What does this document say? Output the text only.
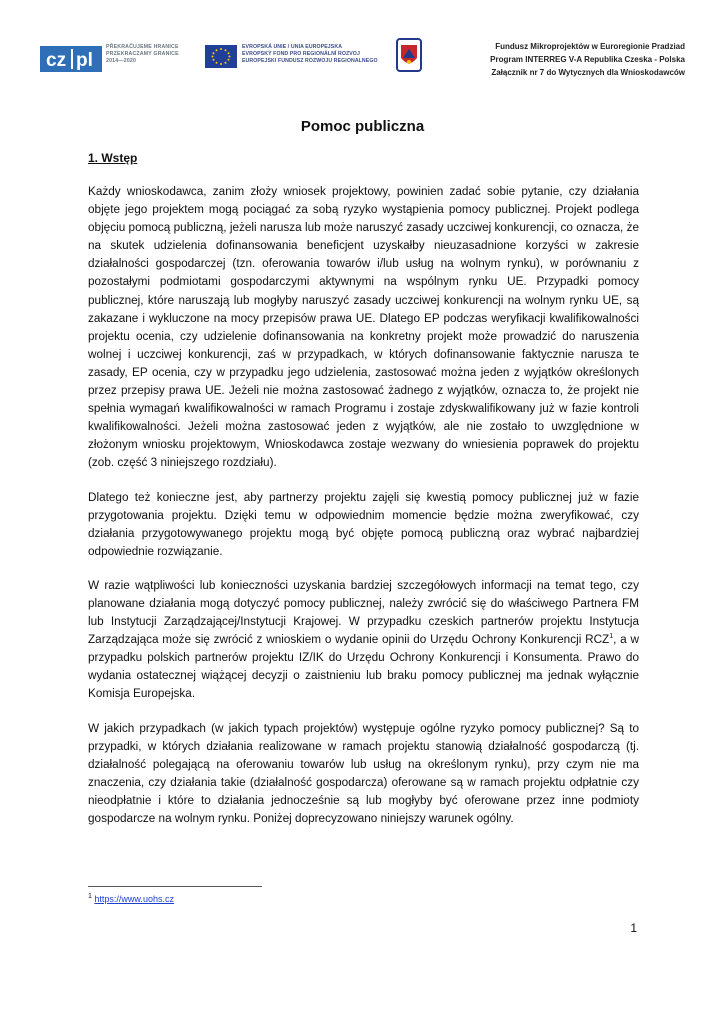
cz pl
PŘEKRAČUJEME HRANICE
PRZEKRACZAMY GRANICE
2014—2020
EVROPSKÁ UNIE / UNIA EUROPEJSKA
EVROPSKÝ FOND PRO REGIONÁLNÍ ROZVOJ
EUROPEJSKI FUNDUSZ ROZWOJU REGIONALNEGO
Fundusz Mikroprojektów w Euroregionie Pradziad
Program INTERREG V-A Republika Czeska - Polska
Załącznik nr 7 do Wytycznych dla Wnioskodawców
Pomoc publiczna
1. Wstęp

Każdy wnioskodawca, zanim złoży wniosek projektowy, powinien zadać sobie pytanie, czy działania objęte jego projektem mogą pociągać za sobą ryzyko wystąpienia pomocy publicznej. Projekt podlega objęciu pomocą publiczną, jeżeli narusza lub może naruszyć zasady uczciwej konkurencji, co oznacza, że na skutek udzielenia dofinansowania beneficjent uzyskałby nieuzasadnione korzyści w zakresie działalności gospodarczej (tzn. oferowania towarów i/lub usług na wolnym rynku), w porównaniu z pozostałymi podmiotami gospodarczymi aktywnymi na wspólnym rynku UE. Przypadki pomocy publicznej, które naruszają lub mogłyby naruszyć zasady uczciwej konkurencji na wolnym rynku UE, są zakazane i wykluczone na mocy przepisów prawa UE. Dlatego EP podczas weryfikacji kwalifikowalności projektu ocenia, czy udzielenie dofinansowania na konkretny projekt może prowadzić do naruszenia wolnej i uczciwej konkurencji, zaś w przypadkach, w których dofinansowanie faktycznie narusza te zasady, EP ocenia, czy w przypadku jego udzielenia, zastosować można jeden z wyjątków określonych przez przepisy prawa UE. Jeżeli nie można zastosować żadnego z wyjątków, oznacza to, że projekt nie spełnia wymagań kwalifikowalności w ramach Programu i zostaje zdyskwalifikowany już w fazie kontroli kwalifikowalności. Jeżeli można zastosować jeden z wyjątków, ale nie zostało to uwzględnione w złożonym wniosku projektowym, Wnioskodawca zostaje wezwany do wniesienia poprawek do projektu (zob. część 3 niniejszego rozdziału).

Dlatego też konieczne jest, aby partnerzy projektu zajęli się kwestią pomocy publicznej już w fazie przygotowania projektu. Dzięki temu w odpowiednim momencie będzie można zweryfikować, czy działania przygotowywanego projektu mogą być objęte pomocą publiczną oraz wybrać najbardziej odpowiednie rozwiązanie.

W razie wątpliwości lub konieczności uzyskania bardziej szczegółowych informacji na temat tego, czy planowane działania mogą dotyczyć pomocy publicznej, należy zwrócić się do właściwego Partnera FM lub Instytucji Zarządzającej/Instytucji Krajowej. W przypadku czeskich partnerów projektu Instytucja Zarządzająca może się zwrócić z wnioskiem o wydanie opinii do Urzędu Ochrony Konkurencji RCZ$^1$, a w przypadku polskich partnerów projektu IZ/IK do Urzędu Ochrony Konkurencji i Konsumenta. Prawo do wydania ostatecznej wiążącej decyzji o zaistnieniu lub braku pomocy publicznej ma jednak wyłącznie Komisja Europejska.

W jakich przypadkach (w jakich typach projektów) występuje ogólne ryzyko pomocy publicznej? Są to przypadki, w których działania realizowane w ramach projektu stanowią działalność gospodarczą (tj. działalność polegającą na oferowaniu towarów lub usług na określonym rynku), przy czym nie ma znaczenia, czy działania takie (działalność gospodarcza) oferowane są w ramach projektu odpłatnie czy nieodpłatnie i które to działania jednocześnie są lub mogłyby być oferowane przez inne podmioty gospodarcze na wolnym rynku. Poniżej doprecyzowano niniejszy warunek ogólny.

$^1$ https://www.uohs.cz
1
